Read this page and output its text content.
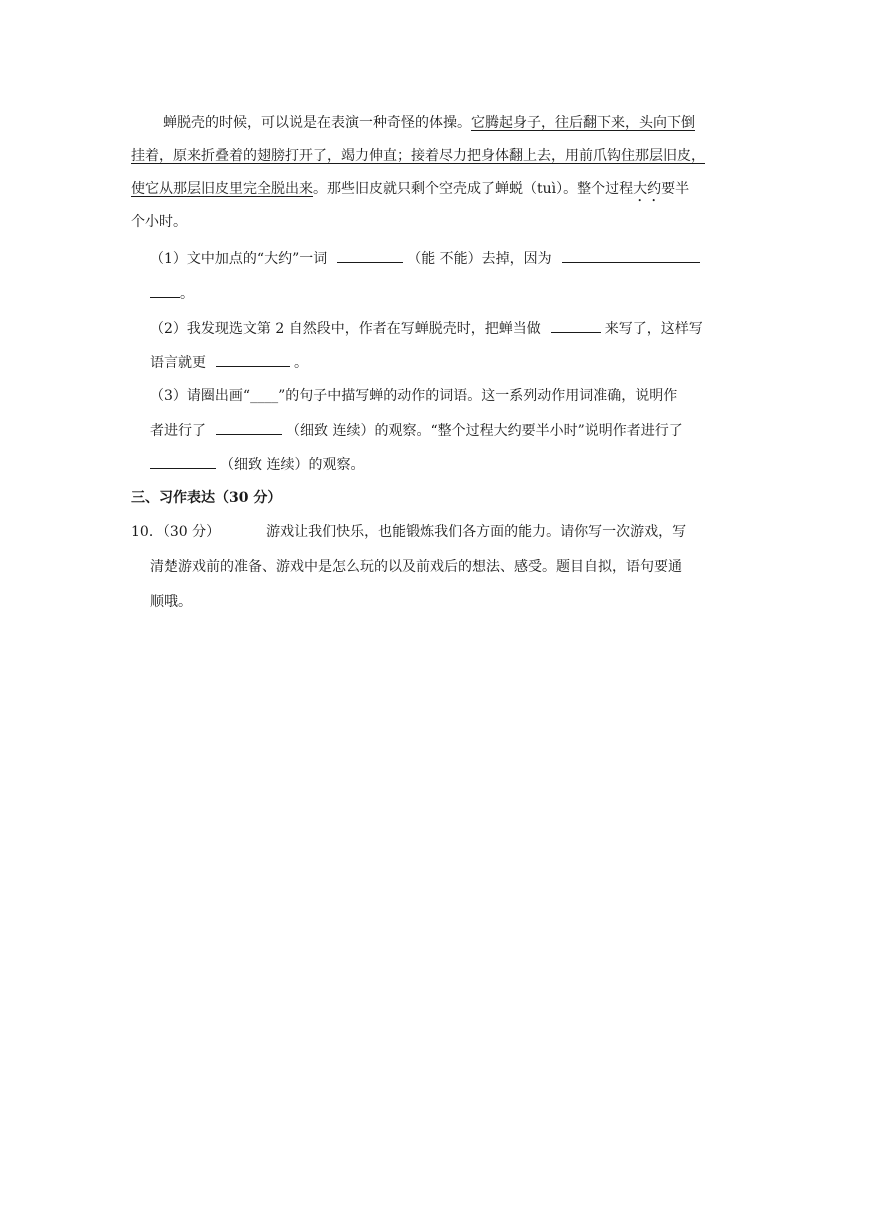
蝉脱壳的时候，可以说是在表演一种奇怪的体操。它腾起身子，往后翻下来，头向下倒
挂着，原来折叠着的翅膀打开了，竭力伸直；接着尽力把身体翻上去，用前爪钩住那层旧皮，
使它从那层旧皮里完全脱出来。那些旧皮就只剩个空壳成了蝉蜕（tuì）。整个过程大约要半
个小时。
（1）文中加点的“大约”一词	（能 不能）去掉，因为
。
（2）我发现选文第 2 自然段中，作者在写蝉脱壳时，把蝉当做	来写了，这样写
语言就更	。
（3）请圈出画“____”的句子中描写蝉的动作的词语。这一系列动作用词准确，说明作
者进行了	（细致 连续）的观察。“整个过程大约要半小时”说明作者进行了
（细致 连续）的观察。
三、习作表达（30 分）
10．（30 分）	游戏让我们快乐，也能锻炼我们各方面的能力。请你写一次游戏，写
清楚游戏前的准备、游戏中是怎么玩的以及前戏后的想法、感受。题目自拟，语句要通
顺哦。
